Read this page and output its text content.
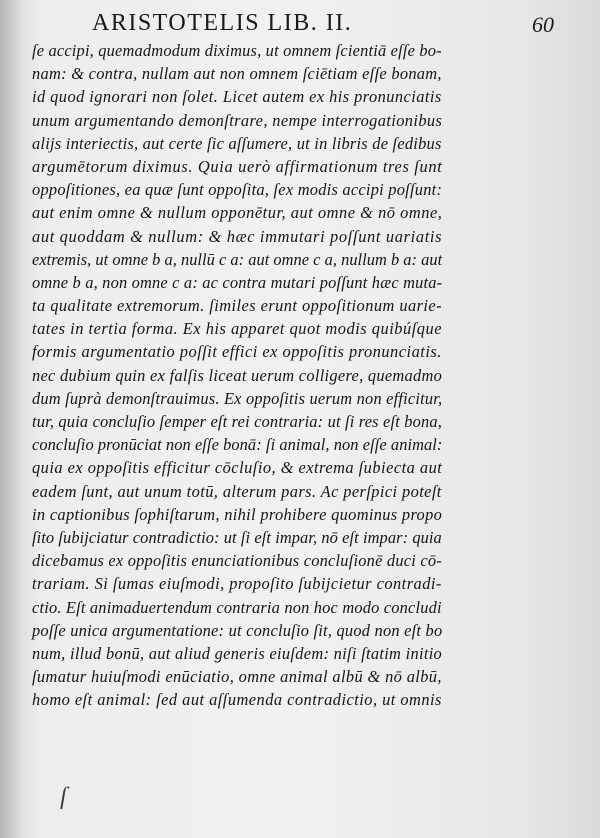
ARISTOTELIS LIB. II.	60
ſe accipi, quemadmodum diximus, ut omnem ſcientiā eſſe bo-
nam: & contra, nullam aut non omnem ſciētiam eſſe bonam,
id quod ignorari non ſolet. Licet autem ex his pronunciatis
unum argumentando demonſtrare, nempe interrogationibus
alijs interiectis, aut certe ſic aſſumere, ut in libris de ſedibus
argumētorum diximus. Quia uerò affirmationum tres ſunt
oppoſitiones, ea quæ ſunt oppoſita, ſex modis accipi poſſunt:
aut enim omne & nullum opponētur, aut omne & nō omne,
aut quoddam & nullum: & hæc immutari poſſunt uariatis
extremis, ut omne b a, nullū c a: aut omne c a, nullum b a: aut
omne b a, non omne c a: ac contra mutari poſſunt hæc muta-
ta qualitate extremorum. ſimiles erunt oppoſitionum uarie-
tates in tertia forma. Ex his apparet quot modis quibúſque
formis argumentatio poſſit effici ex oppoſitis pronunciatis.
nec dubium quin ex falſis liceat uerum colligere, quemadmo
dum ſuprà demonſtrauimus. Ex oppoſitis uerum non efficitur,
tur, quia concluſio ſemper eſt rei contraria: ut ſi res eſt bona,
concluſio pronūciat non eſſe bonā: ſi animal, non eſſe animal:
quia ex oppoſitis efficitur cōcluſio, & extrema ſubiecta aut
eadem ſunt, aut unum totū, alterum pars. Ac perſpici poteſt
in captionibus ſophiſtarum, nihil prohibere quominus propo
ſito ſubijciatur contradictio: ut ſi eſt impar, nō eſt impar: quia
dicebamus ex oppoſitis enunciationibus concluſionē duci cō-
trariam. Si ſumas eiuſmodi, propoſito ſubijcietur contradi-
ctio. Eſt animaduertendum contraria non hoc modo concludi
poſſe unica argumentatione: ut concluſio ſit, quod non eſt bo
num, illud bonū, aut aliud generis eiuſdem: niſi ſtatim initio
ſumatur huiuſmodi enūciatio, omne animal albū & nō albū,
homo eſt animal: ſed aut aſſumenda contradictio, ut omnis
ſ
